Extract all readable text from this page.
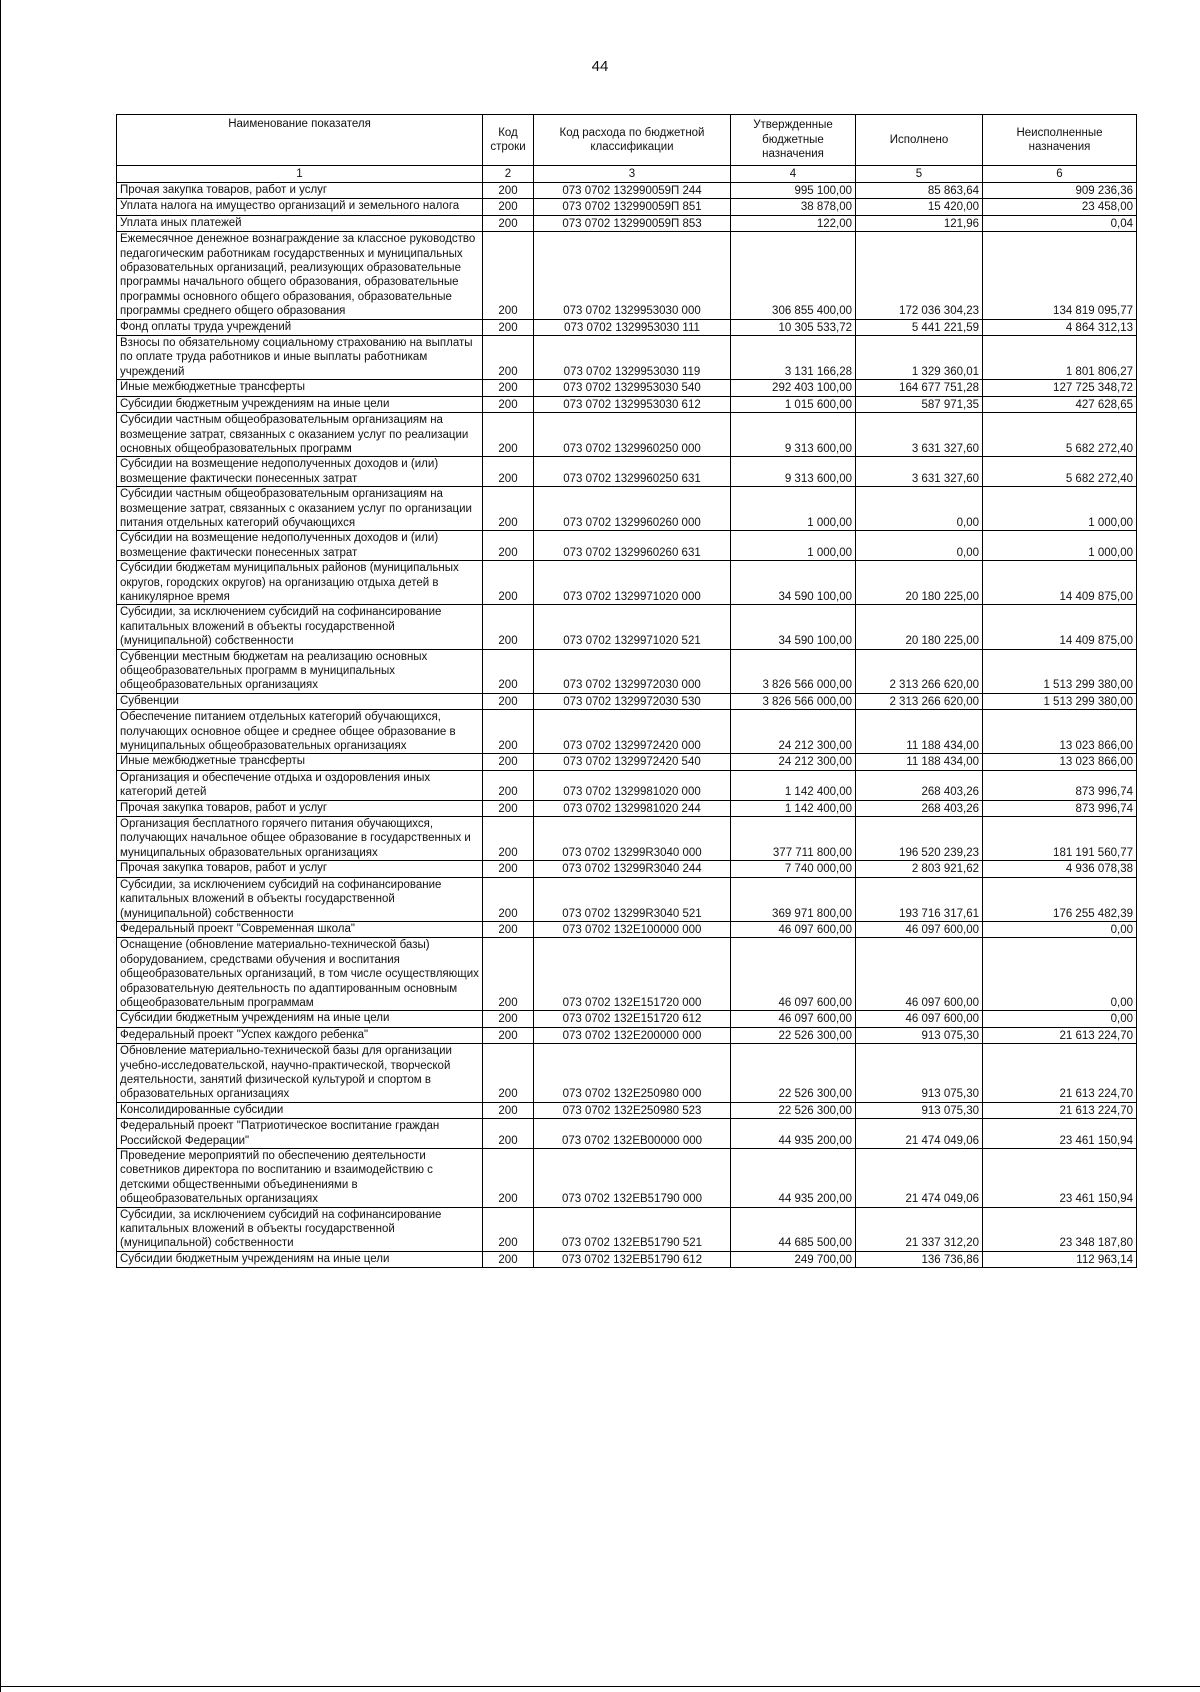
44
Наименование показателя	Код строки	Код расхода по бюджетной классификации	Утвержденные бюджетные назначения	Исполнено	Неисполненные назначения
1	2	3	4	5	6
Прочая закупка товаров, работ и услуг	200	073 0702 132990059П 244	995 100,00	85 863,64	909 236,36
Уплата налога на имущество организаций и земельного налога	200	073 0702 132990059П 851	38 878,00	15 420,00	23 458,00
Уплата иных платежей	200	073 0702 132990059П 853	122,00	121,96	0,04
Ежемесячное денежное вознаграждение за классное руководство педагогическим работникам государственных и муниципальных образовательных организаций, реализующих образовательные программы начального общего образования, образовательные программы основного общего образования, образовательные программы среднего общего образования	200	073 0702 1329953030 000	306 855 400,00	172 036 304,23	134 819 095,77
Фонд оплаты труда учреждений	200	073 0702 1329953030 111	10 305 533,72	5 441 221,59	4 864 312,13
Взносы по обязательному социальному страхованию на выплаты по оплате труда работников и иные выплаты работникам учреждений	200	073 0702 1329953030 119	3 131 166,28	1 329 360,01	1 801 806,27
Иные межбюджетные трансферты	200	073 0702 1329953030 540	292 403 100,00	164 677 751,28	127 725 348,72
Субсидии бюджетным учреждениям на иные цели	200	073 0702 1329953030 612	1 015 600,00	587 971,35	427 628,65
Субсидии частным общеобразовательным организациям на возмещение затрат, связанных с оказанием услуг по реализации основных общеобразовательных программ	200	073 0702 1329960250 000	9 313 600,00	3 631 327,60	5 682 272,40
Субсидии на возмещение недополученных доходов и (или) возмещение фактически понесенных затрат	200	073 0702 1329960250 631	9 313 600,00	3 631 327,60	5 682 272,40
Субсидии частным общеобразовательным организациям на возмещение затрат, связанных с оказанием услуг по организации питания отдельных категорий обучающихся	200	073 0702 1329960260 000	1 000,00	0,00	1 000,00
Субсидии на возмещение недополученных доходов и (или) возмещение фактически понесенных затрат	200	073 0702 1329960260 631	1 000,00	0,00	1 000,00
Субсидии бюджетам муниципальных районов (муниципальных округов, городских округов) на организацию отдыха детей в каникулярное время	200	073 0702 1329971020 000	34 590 100,00	20 180 225,00	14 409 875,00
Субсидии, за исключением субсидий на софинансирование капитальных вложений в объекты государственной (муниципальной) собственности	200	073 0702 1329971020 521	34 590 100,00	20 180 225,00	14 409 875,00
Субвенции местным бюджетам на реализацию основных общеобразовательных программ в муниципальных общеобразовательных организациях	200	073 0702 1329972030 000	3 826 566 000,00	2 313 266 620,00	1 513 299 380,00
Субвенции	200	073 0702 1329972030 530	3 826 566 000,00	2 313 266 620,00	1 513 299 380,00
Обеспечение питанием отдельных категорий обучающихся, получающих основное общее и среднее общее образование в муниципальных общеобразовательных организациях	200	073 0702 1329972420 000	24 212 300,00	11 188 434,00	13 023 866,00
Иные межбюджетные трансферты	200	073 0702 1329972420 540	24 212 300,00	11 188 434,00	13 023 866,00
Организация и обеспечение отдыха и оздоровления иных категорий детей	200	073 0702 1329981020 000	1 142 400,00	268 403,26	873 996,74
Прочая закупка товаров, работ и услуг	200	073 0702 1329981020 244	1 142 400,00	268 403,26	873 996,74
Организация бесплатного горячего питания обучающихся, получающих начальное общее образование в государственных и муниципальных образовательных организациях	200	073 0702 13299R3040 000	377 711 800,00	196 520 239,23	181 191 560,77
Прочая закупка товаров, работ и услуг	200	073 0702 13299R3040 244	7 740 000,00	2 803 921,62	4 936 078,38
Субсидии, за исключением субсидий на софинансирование капитальных вложений в объекты государственной (муниципальной) собственности	200	073 0702 13299R3040 521	369 971 800,00	193 716 317,61	176 255 482,39
Федеральный проект "Современная школа"	200	073 0702 132Е100000 000	46 097 600,00	46 097 600,00	0,00
Оснащение (обновление материально-технической базы) оборудованием, средствами обучения и воспитания общеобразовательных организаций, в том числе осуществляющих образовательную деятельность по адаптированным основным общеобразовательным программам	200	073 0702 132Е151720 000	46 097 600,00	46 097 600,00	0,00
Субсидии бюджетным учреждениям на иные цели	200	073 0702 132Е151720 612	46 097 600,00	46 097 600,00	0,00
Федеральный проект "Успех каждого ребенка"	200	073 0702 132Е200000 000	22 526 300,00	913 075,30	21 613 224,70
Обновление материально-технической базы для организации учебно-исследовательской, научно-практической, творческой деятельности, занятий физической культурой и спортом в образовательных организациях	200	073 0702 132Е250980 000	22 526 300,00	913 075,30	21 613 224,70
Консолидированные субсидии	200	073 0702 132Е250980 523	22 526 300,00	913 075,30	21 613 224,70
Федеральный проект "Патриотическое воспитание граждан Российской Федерации"	200	073 0702 132ЕВ00000 000	44 935 200,00	21 474 049,06	23 461 150,94
Проведение мероприятий по обеспечению деятельности советников директора по воспитанию и взаимодействию с детскими общественными объединениями в общеобразовательных организациях	200	073 0702 132ЕВ51790 000	44 935 200,00	21 474 049,06	23 461 150,94
Субсидии, за исключением субсидий на софинансирование капитальных вложений в объекты государственной (муниципальной) собственности	200	073 0702 132ЕВ51790 521	44 685 500,00	21 337 312,20	23 348 187,80
Субсидии бюджетным учреждениям на иные цели	200	073 0702 132ЕВ51790 612	249 700,00	136 736,86	112 963,14
